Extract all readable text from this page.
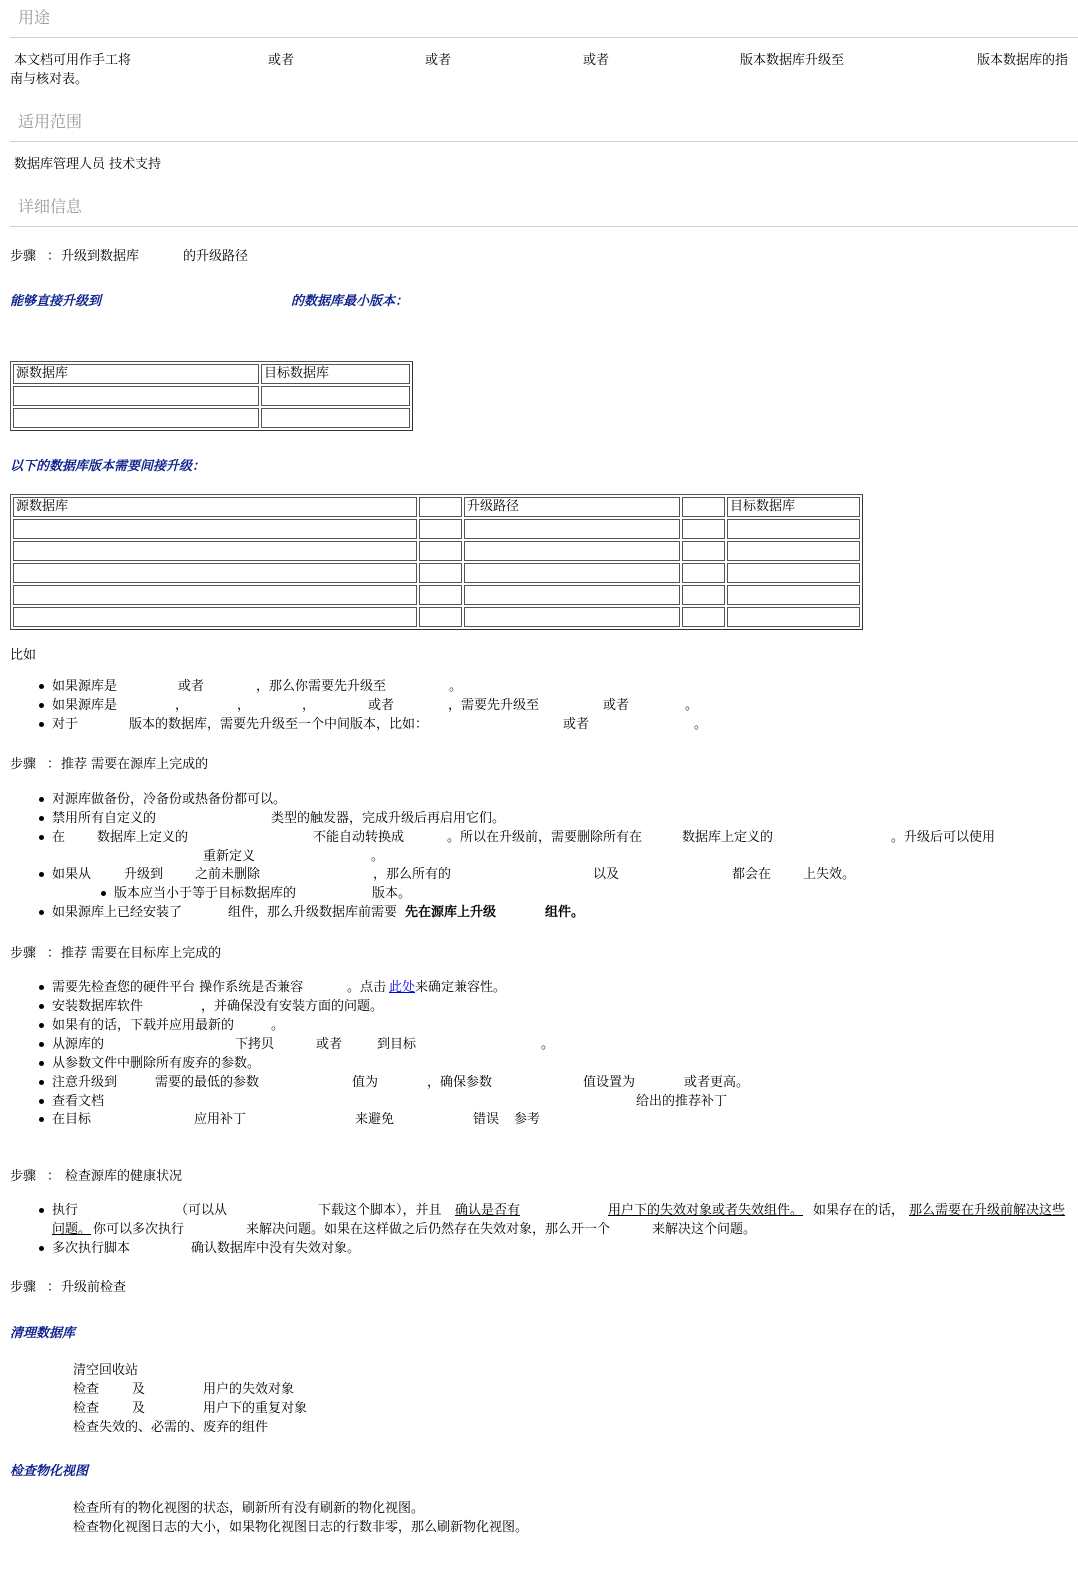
用途
本文档可用作手工将	或者	或者	或者	版本数据库升级至	版本数据库的指
南与核对表。
适用范围
数据库管理人员 技术支持
详细信息
步骤 ： 升级到数据库	的升级路径
能够直接升级到	的数据库最小版本：
源数据库	目标数据库

以下的数据库版本需要间接升级：
源数据库		升级路径		目标数据库

比如
如果源库是	或者	，那么你需要先升级至	。
如果源库是	，	，	，	或者	，需要先升级至	或者	。
对于	版本的数据库，需要先升级至一个中间版本，比如：	或者	。
步骤 ： 推荐 需要在源库上完成的
对源库做备份，冷备份或热备份都可以。
禁用所有自定义的	类型的触发器，完成升级后再启用它们。
在 数据库上定义的	不能自动转换成	。所以在升级前，需要删除所有在	数据库上定义的	。升级后可以使用
重新定义	。
如果从	升级到 之前未删除	，那么所有的	以及	都会在 上失效。
版本应当小于等于目标数据库的	版本。
如果源库上已经安装了	组件，那么升级数据库前需要 先在源库上升级	组件。
步骤 ： 推荐 需要在目标库上完成的
需要先检查您的硬件平台 操作系统是否兼容	。点击 此处 来确定兼容性。
安装数据库软件	，并确保没有安装方面的问题。
如果有的话，下载并应用最新的	。
从源库的	下拷贝	或者	到目标	。
从参数文件中删除所有废弃的参数。
注意升级到	需要的最低的参数	值为	，确保参数	值设置为	或者更高。
查看文档	给出的推荐补丁
在目标	应用补丁	来避免	错误 参考
步骤 ： 检查源库的健康状况
执行	（可以从	下载这个脚本），并且 确认是否有	用户下的失效对象或者失效组件。 如果存在的话， 那么需要在升级前解决这些
问题。 你可以多次执行	来解决问题。如果在这样做之后仍然存在失效对象，那么开一个	来解决这个问题。
多次执行脚本	确认数据库中没有失效对象。
步骤 ： 升级前检查
清理数据库
清空回收站
检查	及	用户的失效对象
检查	及	用户下的重复对象
检查失效的、必需的、废弃的组件
检查物化视图
检查所有的物化视图的状态，刷新所有没有刷新的物化视图。
检查物化视图日志的大小，如果物化视图日志的行数非零，那么刷新物化视图。
